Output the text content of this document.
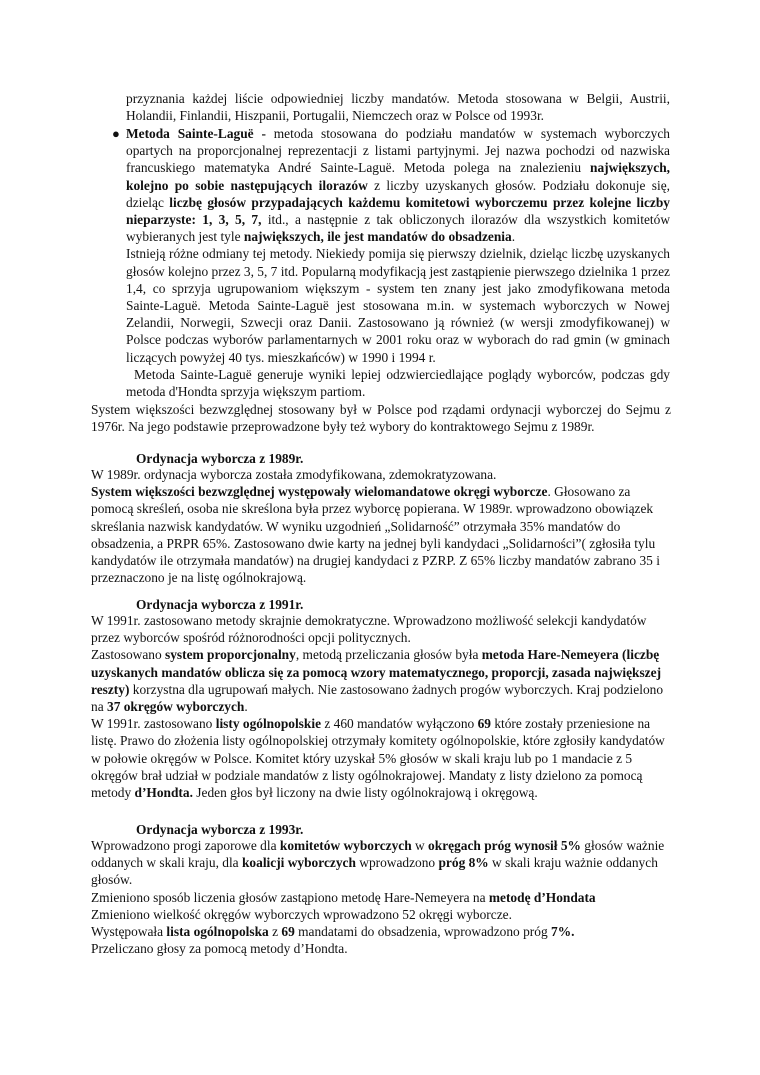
przyznania każdej liście odpowiedniej liczby mandatów. Metoda stosowana w Belgii, Austrii,

Holandii, Finlandii, Hiszpanii, Portugalii, Niemczech oraz w Polsce od 1993r.

● Metoda Sainte-Laguë - metoda stosowana do podziału mandatów w systemach wyborczych opartych na proporcjonalnej reprezentacji z listami partyjnymi. Jej nazwa pochodzi od nazwiska francuskiego matematyka André Sainte-Laguë. Metoda polega na znalezieniu największych, kolejno po sobie następujących ilorazów z liczby uzyskanych głosów. Podziału dokonuje się, dzieląc liczbę głosów przypadających każdemu komitetowi wyborczemu przez kolejne liczby nieparzyste: 1, 3, 5, 7, itd., a następnie z tak obliczonych ilorazów dla wszystkich komitetów wybieranych jest tyle największych, ile jest mandatów do obsadzenia.

Istnieją różne odmiany tej metody. Niekiedy pomija się pierwszy dzielnik, dzieląc liczbę uzyskanych głosów kolejno przez 3, 5, 7 itd. Popularną modyfikacją jest zastąpienie pierwszego dzielnika 1 przez 1,4, co sprzyja ugrupowaniom większym - system ten znany jest jako zmodyfikowana metoda Sainte-Laguë. Metoda Sainte-Laguë jest stosowana m.in. w systemach wyborczych w Nowej Zelandii, Norwegii, Szwecji oraz Danii. Zastosowano ją również (w wersji zmodyfikowanej) w Polsce podczas wyborów parlamentarnych w 2001 roku oraz w wyborach do rad gmin (w gminach liczących powyżej 40 tys. mieszkańców) w 1990 i 1994 r.

Metoda Sainte-Laguë generuje wyniki lepiej odzwierciedlające poglądy wyborców, podczas gdy metoda d'Hondta sprzyja większym partiom.

System większości bezwzględnej stosowany był w Polsce pod rządami ordynacji wyborczej do Sejmu z 1976r. Na jego podstawie przeprowadzone były też wybory do kontraktowego Sejmu z 1989r.
Ordynacja wyborcza z 1989r.

W 1989r. ordynacja wyborcza została zmodyfikowana, zdemokratyzowana.

System większości bezwzględnej występowały wielomandatowe okręgi wyborcze. Głosowano za pomocą skreśleń, osoba nie skreślona była przez wyborcę popierana. W 1989r. wprowadzono obowiązek skreślania nazwisk kandydatów. W wyniku uzgodnień „Solidarność” otrzymała 35% mandatów do obsadzenia, a PRPR 65%. Zastosowano dwie karty na jednej byli kandydaci „Solidarności”( zgłosiła tylu kandydatów ile otrzymała mandatów) na drugiej kandydaci z PZRP. Z 65% liczby mandatów zabrano 35 i przeznaczono je na listę ogólnokrajową.

Ordynacja wyborcza z 1991r.

W 1991r. zastosowano metody skrajnie demokratyczne. Wprowadzono możliwość selekcji kandydatów przez wyborców spośród różnorodności opcji politycznych.

Zastosowano system proporcjonalny, metodą przeliczania głosów była metoda Hare-Nemeyera (liczbę uzyskanych mandatów oblicza się za pomocą wzory matematycznego, proporcji, zasada największej reszty) korzystna dla ugrupowań małych. Nie zastosowano żadnych progów wyborczych. Kraj podzielono na 37 okręgów wyborczych.

W 1991r. zastosowano listy ogólnopolskie z 460 mandatów wyłączono 69 które zostały przeniesione na listę. Prawo do złożenia listy ogólnopolskiej otrzymały komitety ogólnopolskie, które zgłosiły kandydatów w połowie okręgów w Polsce. Komitet który uzyskał 5% głosów w skali kraju lub po 1 mandacie z 5 okręgów brał udział w podziale mandatów z listy ogólnokrajowej. Mandaty z listy dzielono za pomocą metody d’Hondta. Jeden głos był liczony na dwie listy ogólnokrajową i okręgową.

Ordynacja wyborcza z 1993r.

Wprowadzono progi zaporowe dla komitetów wyborczych w okręgach próg wynosił 5% głosów ważnie oddanych w skali kraju, dla koalicji wyborczych wprowadzono próg 8% w skali kraju ważnie oddanych głosów.

Zmieniono sposób liczenia głosów zastąpiono metodę Hare-Nemeyera na metodę d’Hondata

Zmieniono wielkość okręgów wyborczych wprowadzono 52 okręgi wyborcze.

Występowała lista ogólnopolska z 69 mandatami do obsadzenia, wprowadzono próg 7%.

Przeliczano głosy za pomocą metody d’Hondta.
